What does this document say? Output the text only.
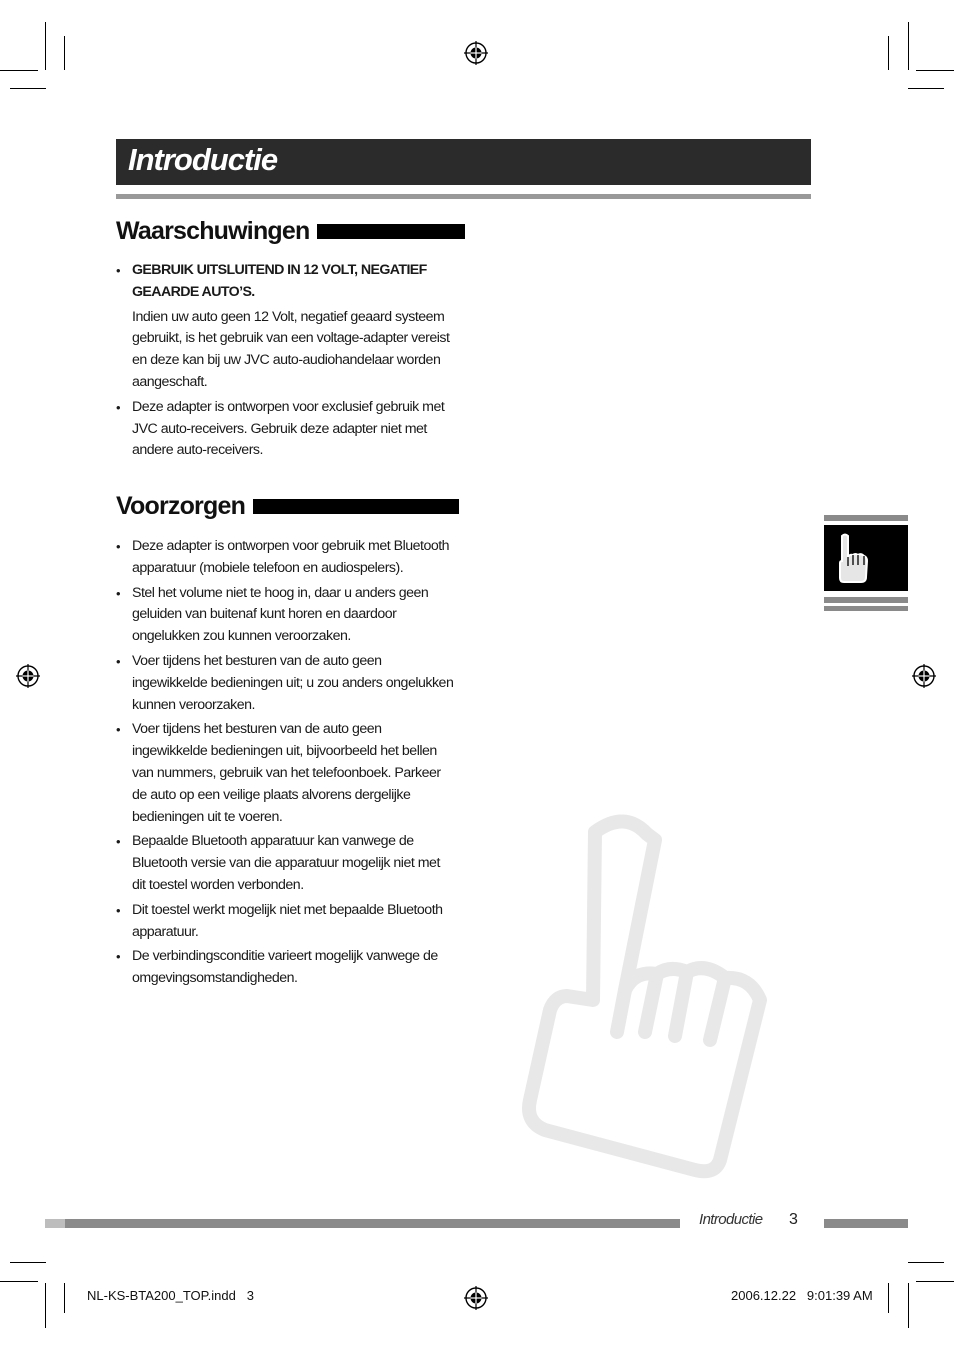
Introductie
Waarschuwingen
• GEBRUIK UITSLUITEND IN 12 VOLT, NEGATIEF GEAARDE AUTO’S.
Indien uw auto geen 12 Volt, negatief geaard systeem gebruikt, is het gebruik van een voltage-adapter vereist en deze kan bij uw JVC auto-audiohandelaar worden aangeschaft.
• Deze adapter is ontworpen voor exclusief gebruik met JVC auto-receivers. Gebruik deze adapter niet met andere auto-receivers.
Voorzorgen
• Deze adapter is ontworpen voor gebruik met Bluetooth apparatuur (mobiele telefoon en audiospelers).
• Stel het volume niet te hoog in, daar u anders geen geluiden van buitenaf kunt horen en daardoor ongelukken zou kunnen veroorzaken.
• Voer tijdens het besturen van de auto geen ingewikkelde bedieningen uit; u zou anders ongelukken kunnen veroorzaken.
• Voer tijdens het besturen van de auto geen ingewikkelde bedieningen uit, bijvoorbeeld het bellen van nummers, gebruik van het telefoonboek. Parkeer de auto op een veilige plaats alvorens dergelijke bedieningen uit te voeren.
• Bepaalde Bluetooth apparatuur kan vanwege de Bluetooth versie van die apparatuur mogelijk niet met dit toestel worden verbonden.
• Dit toestel werkt mogelijk niet met bepaalde Bluetooth apparatuur.
• De verbindingsconditie varieert mogelijk vanwege de omgevingsomstandigheden.
Introductie 3
NL-KS-BTA200_TOP.indd   3	2006.12.22   9:01:39 AM
